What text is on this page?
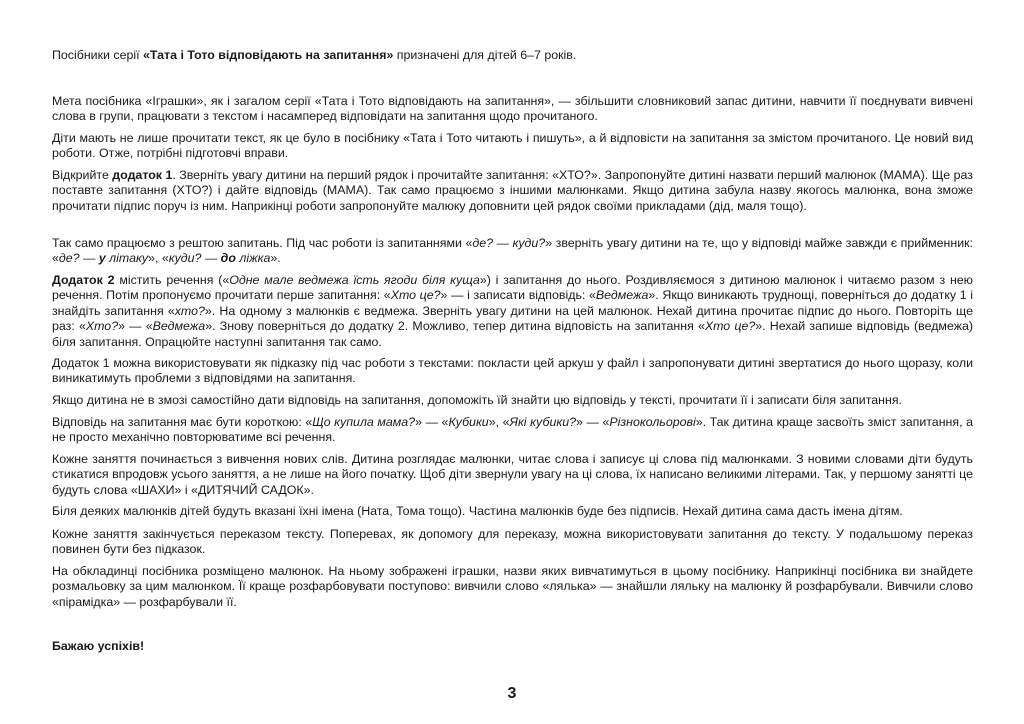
Посібники серії «Тата і Тото відповідають на запитання» призначені для дітей 6–7 років.

Мета посібника «Іграшки», як і загалом серії «Тата і Тото відповідають на запитання», — збільшити словниковий запас дитини, навчити її поєднувати вивчені слова в групи, працювати з текстом і насамперед відповідати на запитання щодо прочитаного.

Діти мають не лише прочитати текст, як це було в посібнику «Тата і Тото читають і пишуть», а й відповісти на запитання за змістом прочитаного. Це новий вид роботи. Отже, потрібні підготовчі вправи.

Відкрийте додаток 1. Зверніть увагу дитини на перший рядок і прочитайте запитання: «ХТО?». Запропонуйте дитині назвати перший малюнок (МАМА). Ще раз поставте запитання (ХТО?) і дайте відповідь (МАМА). Так само працюємо з іншими малюнками. Якщо дитина забула назву якогось малюнка, вона зможе прочитати підпис поруч із ним. Наприкінці роботи запропонуйте малюку доповнити цей рядок своїми прикладами (дід, маля тощо).

Так само працюємо з рештою запитань. Під час роботи із запитаннями «де? — куди?» зверніть увагу дитини на те, що у відповіді майже завжди є прийменник: «де? — у літаку», «куди? — до ліжка».

Додаток 2 містить речення («Одне мале ведмежа їсть ягоди біля куща») і запитання до нього. Роздивляємося з дитиною малюнок і читаємо разом з нею речення. Потім пропонуємо прочитати перше запитання: «Хто це?» — і записати відповідь: «Ведмежа». Якщо виникають труднощі, поверніться до додатку 1 і знайдіть запитання «хто?». На одному з малюнків є ведмежа. Зверніть увагу дитини на цей малюнок. Нехай дитина прочитає підпис до нього. Повторіть ще раз: «Хто?» — «Ведмежа». Знову поверніться до додатку 2. Можливо, тепер дитина відповість на запитання «Хто це?». Нехай запише відповідь (ведмежа) біля запитання. Опрацюйте наступні запитання так само.

Додаток 1 можна використовувати як підказку під час роботи з текстами: покласти цей аркуш у файл і запропонувати дитині звертатися до нього щоразу, коли виникатимуть проблеми з відповідями на запитання.

Якщо дитина не в змозі самостійно дати відповідь на запитання, допоможіть їй знайти цю відповідь у тексті, прочитати її і записати біля запитання.

Відповідь на запитання має бути короткою: «Що купила мама?» — «Кубики», «Які кубики?» — «Різнокольорові». Так дитина краще засвоїть зміст запитання, а не просто механічно повторюватиме всі речення.

Кожне заняття починається з вивчення нових слів. Дитина розглядає малюнки, читає слова і записує ці слова під малюнками. З новими словами діти будуть стикатися впродовж усього заняття, а не лише на його початку. Щоб діти звернули увагу на ці слова, їх написано великими літерами. Так, у першому занятті це будуть слова «ШАХИ» і «ДИТЯЧИЙ САДОК».

Біля деяких малюнків дітей будуть вказані їхні імена (Ната, Тома тощо). Частина малюнків буде без підписів. Нехай дитина сама дасть імена дітям.

Кожне заняття закінчується переказом тексту. Поперевах, як допомогу для переказу, можна використовувати запитання до тексту. У подальшому переказ повинен бути без підказок.

На обкладинці посібника розміщено малюнок. На ньому зображені іграшки, назви яких вивчатимуться в цьому посібнику. Наприкінці посібника ви знайдете розмальовку за цим малюнком. Її краще розфарбовувати поступово: вивчили слово «лялька» — знайшли ляльку на малюнку й розфарбували. Вивчили слово «пірамідка» — розфарбували її.

Бажаю успіхів!

3
